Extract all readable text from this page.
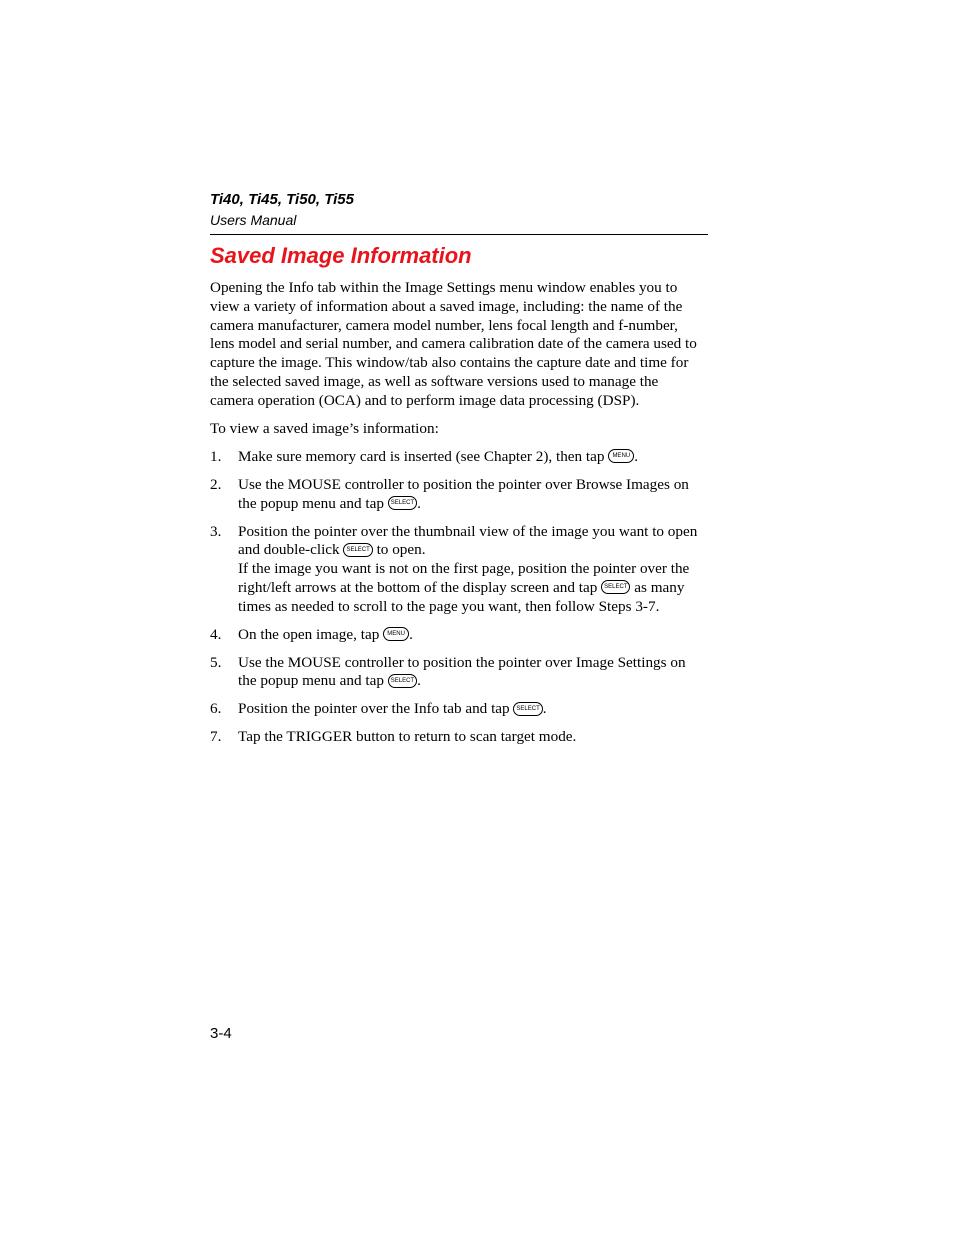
Ti40, Ti45, Ti50, Ti55
Users Manual
Saved Image Information

Opening the Info tab within the Image Settings menu window enables you to view a variety of information about a saved image, including: the name of the camera manufacturer, camera model number, lens focal length and f-number, lens model and serial number, and camera calibration date of the camera used to capture the image. This window/tab also contains the capture date and time for the selected saved image, as well as software versions used to manage the camera operation (OCA) and to perform image data processing (DSP).

To view a saved image’s information:

1. Make sure memory card is inserted (see Chapter 2), then tap MENU .
2. Use the MOUSE controller to position the pointer over Browse Images on the popup menu and tap SELECT .
3. Position the pointer over the thumbnail view of the image you want to open and double-click SELECT to open.
If the image you want is not on the first page, position the pointer over the right/left arrows at the bottom of the display screen and tap SELECT as many times as needed to scroll to the page you want, then follow Steps 3-7.
4. On the open image, tap MENU .
5. Use the MOUSE controller to position the pointer over Image Settings on the popup menu and tap SELECT .
6. Position the pointer over the Info tab and tap SELECT .
7. Tap the TRIGGER button to return to scan target mode.
3-4
